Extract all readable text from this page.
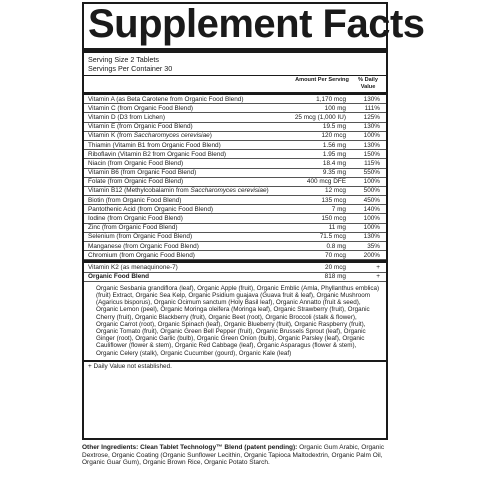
Supplement Facts
Serving Size 2 Tablets
Servings Per Container 30
Amount Per Serving	% Daily Value
Vitamin A (as Beta Carotene from Organic Food Blend)	1,170 mcg	130%
Vitamin C (from Organic Food Blend)	100 mg	111%
Vitamin D (D3 from Lichen)	25 mcg (1,000 IU)	125%
Vitamin E (from Organic Food Blend)	19.5 mg	130%
Vitamin K (from Saccharomyces cerevisiae)	120 mcg	100%
Thiamin (Vitamin B1 from Organic Food Blend)	1.56 mg	130%
Riboflavin (Vitamin B2 from Organic Food Blend)	1.95 mg	150%
Niacin (from Organic Food Blend)	18.4 mg	115%
Vitamin B6 (from Organic Food Blend)	9.35 mg	550%
Folate (from Organic Food Blend)	400 mcg DFE	100%
Vitamin B12 (Methylcobalamin from Saccharomyces cerevisiae)	12 mcg	500%
Biotin (from Organic Food Blend)	135 mcg	450%
Pantothenic Acid (from Organic Food Blend)	7 mg	140%
Iodine (from Organic Food Blend)	150 mcg	100%
Zinc (from Organic Food Blend)	11 mg	100%
Selenium (from Organic Food Blend)	71.5 mcg	130%
Manganese (from Organic Food Blend)	0.8 mg	35%
Chromium (from Organic Food Blend)	70 mcg	200%
Vitamin K2 (as menaquinone-7)	20 mcg	+
Organic Food Blend	818 mg	+
Organic Sesbania grandiflora (leaf), Organic Apple (fruit), Organic Emblic (Amla, Phyllanthus emblica) (fruit) Extract, Organic Sea Kelp, Organic Psidium guajava (Guava fruit & leaf), Organic Mushroom (Agaricus bisporus), Organic Ocimum sanctum (Holy Basil leaf), Organic Annatto (fruit & seed), Organic Lemon (peel), Organic Moringa oleifera (Moringa leaf), Organic Strawberry (fruit), Organic Cherry (fruit), Organic Blackberry (fruit), Organic Beet (root), Organic Broccoli (stalk & flower), Organic Carrot (root), Organic Spinach (leaf), Organic Blueberry (fruit), Organic Raspberry (fruit), Organic Tomato (fruit), Organic Green Bell Pepper (fruit), Organic Brussels Sprout (leaf), Organic Ginger (root), Organic Garlic (bulb), Organic Green Onion (bulb), Organic Parsley (leaf), Organic Cauliflower (flower & stem), Organic Red Cabbage (leaf), Organic Asparagus (flower & stem), Organic Celery (stalk), Organic Cucumber (gourd), Organic Kale (leaf)
+ Daily Value not established.
Other Ingredients: Clean Tablet Technology™ Blend (patent pending): Organic Gum Arabic, Organic Dextrose, Organic Coating (Organic Sunflower Lecithin, Organic Tapioca Maltodextrin, Organic Palm Oil, Organic Guar Gum), Organic Brown Rice, Organic Potato Starch.
